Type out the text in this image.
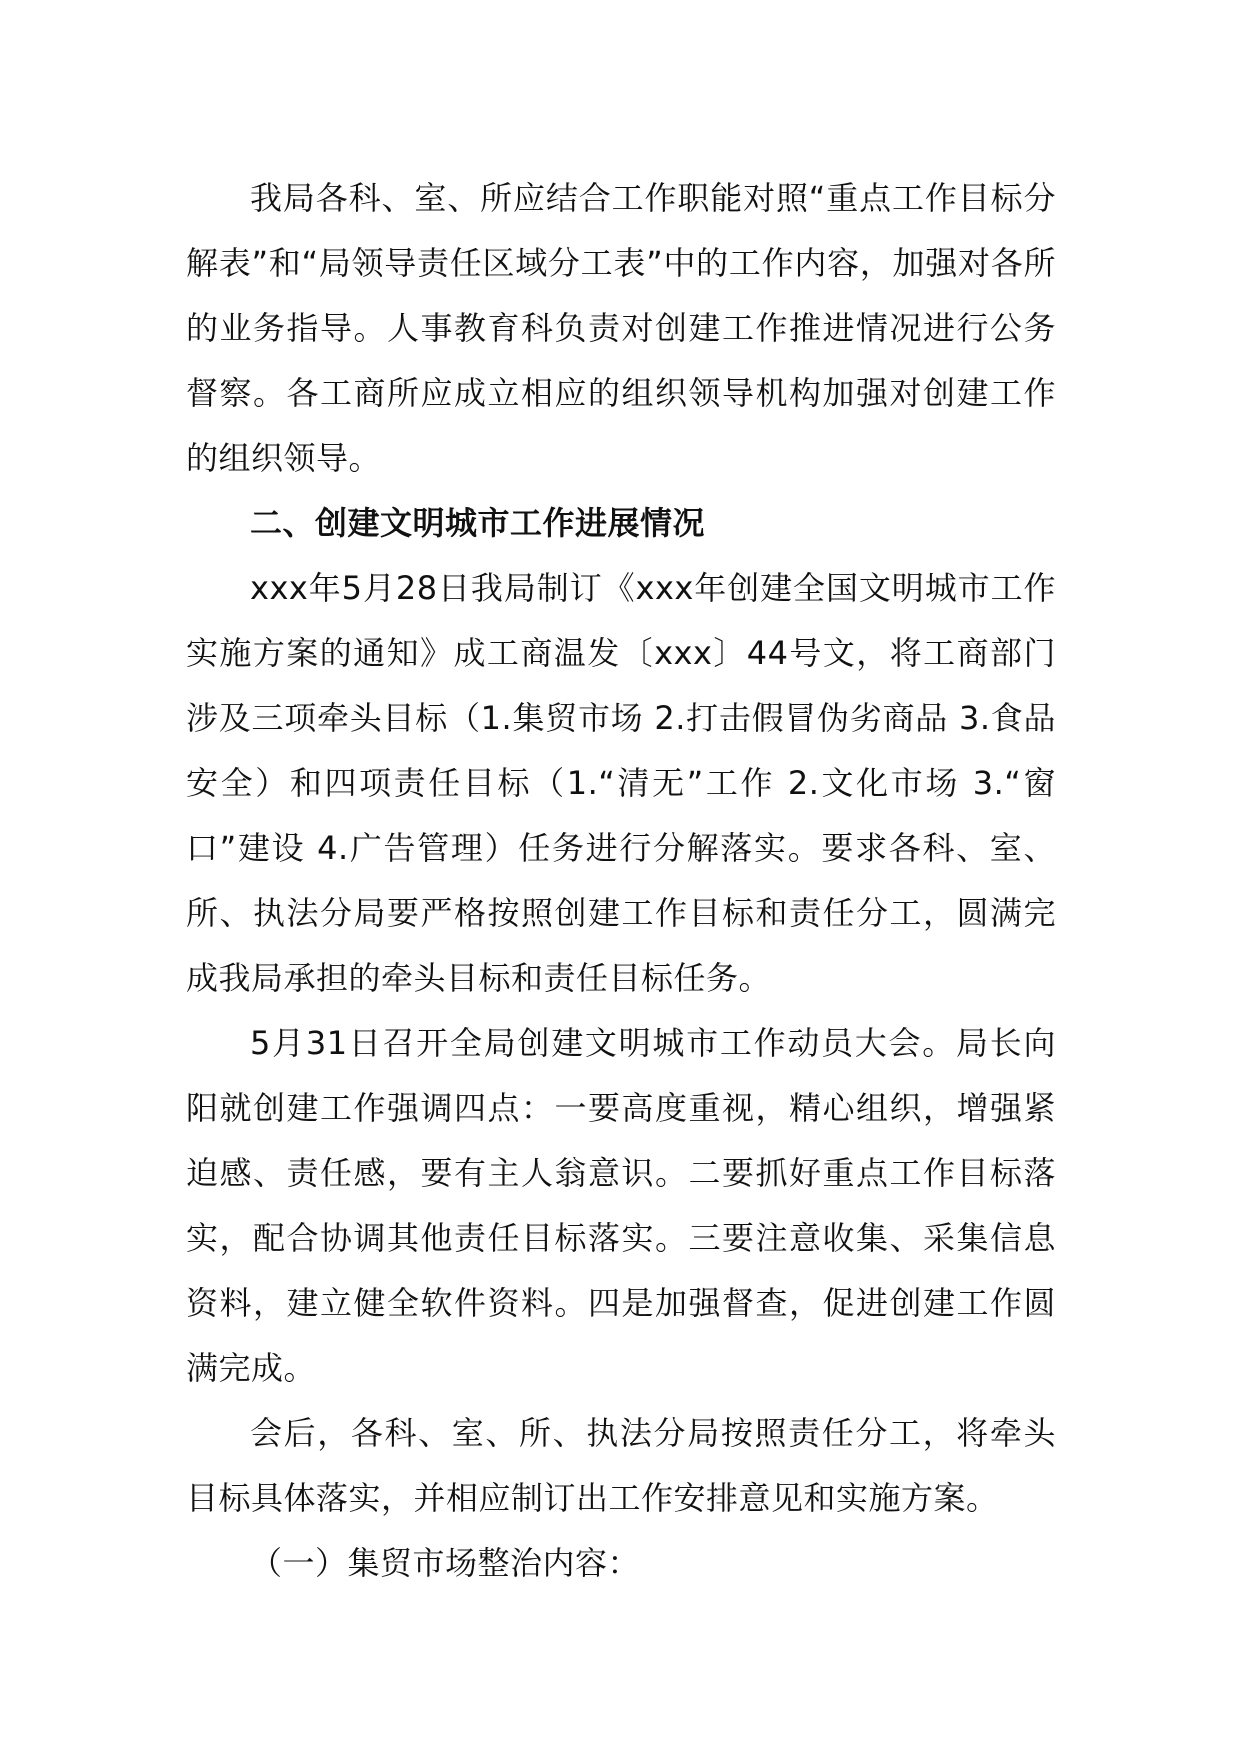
我局各科、室、所应结合工作职能对照“重点工作目标分解表”和“局领导责任区域分工表”中的工作内容，加强对各所的业务指导。人事教育科负责对创建工作推进情况进行公务督察。各工商所应成立相应的组织领导机构加强对创建工作的组织领导。

二、创建文明城市工作进展情况

xxx年5月28日我局制订《xxx年创建全国文明城市工作实施方案的通知》成工商温发〔xxx〕44号文，将工商部门涉及三项牵头目标（1.集贸市场 2.打击假冒伪劣商品 3.食品安全）和四项责任目标（1.“清无”工作 2.文化市场 3.“窗口”建设 4.广告管理）任务进行分解落实。要求各科、室、所、执法分局要严格按照创建工作目标和责任分工，圆满完成我局承担的牵头目标和责任目标任务。

5月31日召开全局创建文明城市工作动员大会。局长向阳就创建工作强调四点：一要高度重视，精心组织，增强紧迫感、责任感，要有主人翁意识。二要抓好重点工作目标落实，配合协调其他责任目标落实。三要注意收集、采集信息资料，建立健全软件资料。四是加强督查，促进创建工作圆满完成。

会后，各科、室、所、执法分局按照责任分工，将牵头目标具体落实，并相应制订出工作安排意见和实施方案。

（一）集贸市场整治内容：
